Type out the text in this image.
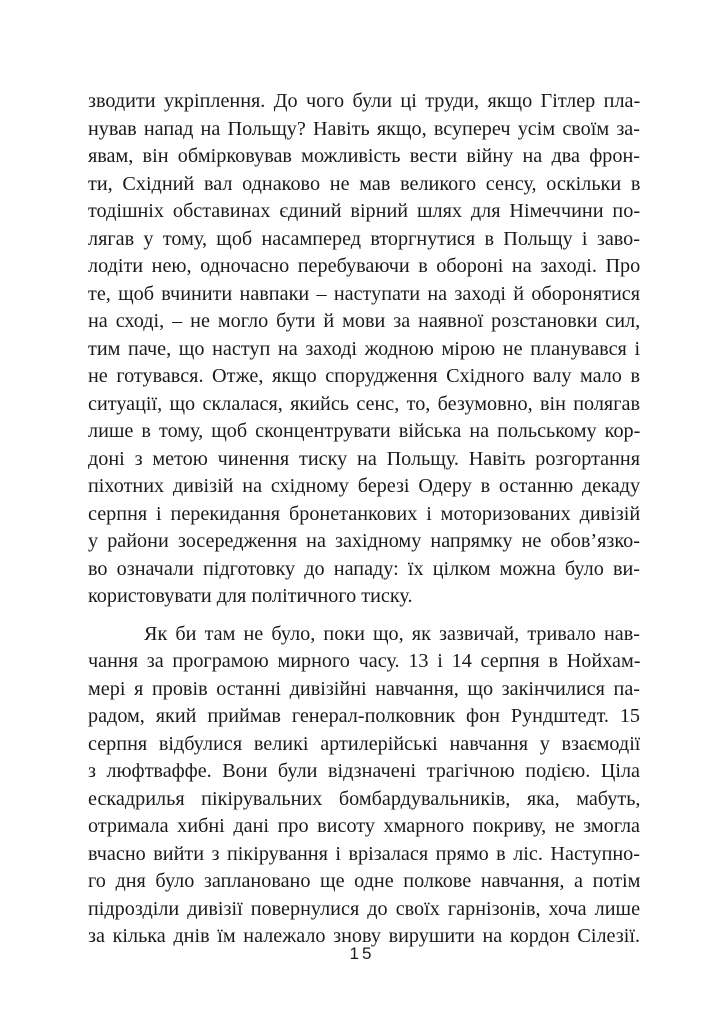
зводити укріплення. До чого були ці труди, якщо Гітлер пла-
нував напад на Польщу? Навіть якщо, всупереч усім своїм за-
явам, він обмірковував можливість вести війну на два фрон-
ти, Східний вал однаково не мав великого сенсу, оскільки в
тодішніх обставинах єдиний вірний шлях для Німеччини по-
лягав у тому, щоб насамперед вторгнутися в Польщу і заво-
лодіти нею, одночасно перебуваючи в обороні на заході. Про
те, щоб вчинити навпаки – наступати на заході й оборонятися
на сході, – не могло бути й мови за наявної розстановки сил,
тим паче, що наступ на заході жодною мірою не планувався і
не готувався. Отже, якщо спорудження Східного валу мало в
ситуації, що склалася, якийсь сенс, то, безумовно, він полягав
лише в тому, щоб сконцентрувати війська на польському кор-
доні з метою чинення тиску на Польщу. Навіть розгортання
піхотних дивізій на східному березі Одеру в останню декаду
серпня і перекидання бронетанкових і моторизованих дивізій
у райони зосередження на західному напрямку не обов’язко-
во означали підготовку до нападу: їх цілком можна було ви-
користовувати для політичного тиску.

Як би там не було, поки що, як зазвичай, тривало нав-
чання за програмою мирного часу. 13 і 14 серпня в Нойхам-
мері я провів останні дивізійні навчання, що закінчилися па-
радом, який приймав генерал-полковник фон Рундштедт. 15
серпня відбулися великі артилерійські навчання у взаємодії
з люфтваффе. Вони були відзначені трагічною подією. Ціла
ескадрилья пікірувальних бомбардувальників, яка, мабуть,
отримала хибні дані про висоту хмарного покриву, не змогла
вчасно вийти з пікірування і врізалася прямо в ліс. Наступно-
го дня було заплановано ще одне полкове навчання, а потім
підрозділи дивізії повернулися до своїх гарнізонів, хоча лише
за кілька днів їм належало знову вирушити на кордон Сілезії.

15
